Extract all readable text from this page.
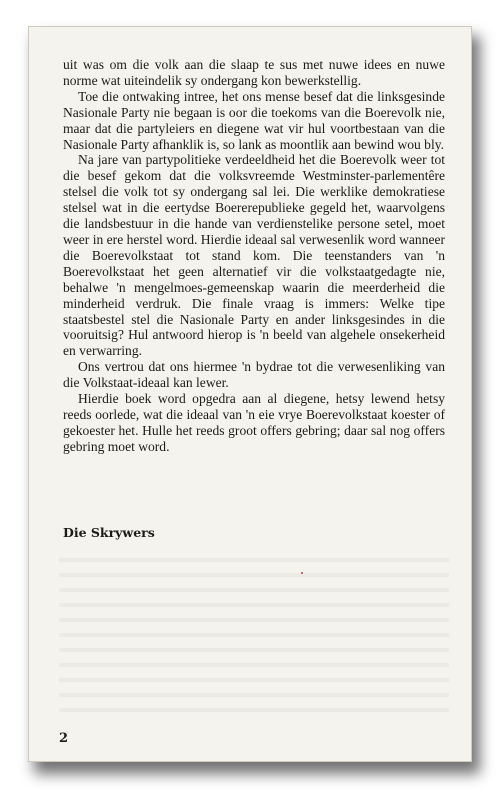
uit was om die volk aan die slaap te sus met nuwe idees en nuwe norme wat uiteindelik sy ondergang kon bewerkstellig.

Toe die ontwaking intree, het ons mense besef dat die linksgesinde Nasionale Party nie begaan is oor die toekoms van die Boerevolk nie, maar dat die partyleiers en diegene wat vir hul voortbestaan van die Nasionale Party afhanklik is, so lank as moontlik aan bewind wou bly.

Na jare van partypolitieke verdeeldheid het die Boerevolk weer tot die besef gekom dat die volksvreemde Westminster-parlementêre stelsel die volk tot sy ondergang sal lei. Die werklike demokratiese stelsel wat in die eertydse Boererepublieke gegeld het, waarvolgens die landsbestuur in die hande van verdienstelike persone setel, moet weer in ere herstel word. Hierdie ideaal sal verwesenlik word wanneer die Boerevolkstaat tot stand kom. Die teenstanders van 'n Boerevolkstaat het geen alternatief vir die volkstaatgedagte nie, behalwe 'n mengelmoes-gemeenskap waarin die meerderheid die minderheid verdruk. Die finale vraag is immers: Welke tipe staatsbestel stel die Nasionale Party en ander linksgesindes in die vooruitsig? Hul antwoord hierop is 'n beeld van algehele onsekerheid en verwarring.

Ons vertrou dat ons hiermee 'n bydrae tot die verwesenliking van die Volkstaat-ideaal kan lewer.

Hierdie boek word opgedra aan al diegene, hetsy lewend hetsy reeds oorlede, wat die ideaal van 'n eie vrye Boerevolkstaat koester of gekoester het. Hulle het reeds groot offers gebring; daar sal nog offers gebring moet word.

Die Skrywers
2
